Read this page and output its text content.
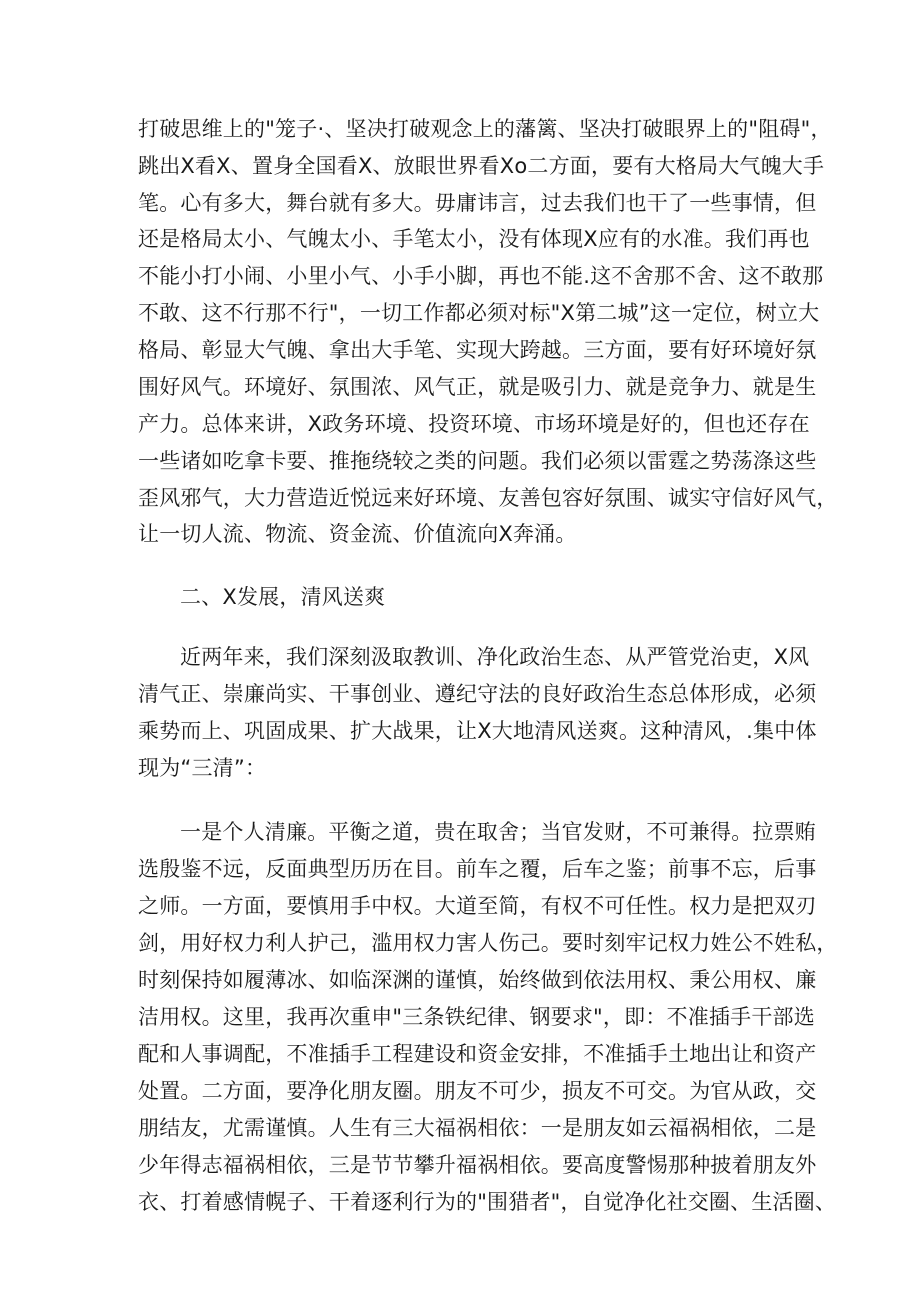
打破思维上的"笼子·、坚决打破观念上的藩篱、坚决打破眼界上的"阻碍"，
跳出X看X、置身全国看X、放眼世界看Xo二方面，要有大格局大气魄大手
笔。心有多大，舞台就有多大。毋庸讳言，过去我们也干了一些事情，但
还是格局太小、气魄太小、手笔太小，没有体现X应有的水准。我们再也
不能小打小闹、小里小气、小手小脚，再也不能.这不舍那不舍、这不敢那
不敢、这不行那不行"，一切工作都必须对标"X第二城”这一定位，树立大
格局、彰显大气魄、拿出大手笔、实现大跨越。三方面，要有好环境好氛
围好风气。环境好、氛围浓、风气正，就是吸引力、就是竞争力、就是生
产力。总体来讲，X政务环境、投资环境、市场环境是好的，但也还存在
一些诸如吃拿卡要、推拖绕较之类的问题。我们必须以雷霆之势荡涤这些
歪风邪气，大力营造近悦远来好环境、友善包容好氛围、诚实守信好风气，
让一切人流、物流、资金流、价值流向X奔涌。
二、X发展，清风送爽
近两年来，我们深刻汲取教训、净化政治生态、从严管党治吏，X风
清气正、崇廉尚实、干事创业、遵纪守法的良好政治生态总体形成，必须
乘势而上、巩固成果、扩大战果，让X大地清风送爽。这种清风，.集中体
现为“三清”：
一是个人清廉。平衡之道，贵在取舍；当官发财，不可兼得。拉票贿
选殷鉴不远，反面典型历历在目。前车之覆，后车之鉴；前事不忘，后事
之师。一方面，要慎用手中权。大道至简，有权不可任性。权力是把双刃
剑，用好权力利人护己，滥用权力害人伤己。要时刻牢记权力姓公不姓私，
时刻保持如履薄冰、如临深渊的谨慎，始终做到依法用权、秉公用权、廉
洁用权。这里，我再次重申"三条铁纪律、钢要求"，即：不准插手干部选
配和人事调配，不准插手工程建设和资金安排，不准插手土地出让和资产
处置。二方面，要净化朋友圈。朋友不可少，损友不可交。为官从政，交
朋结友，尤需谨慎。人生有三大福祸相依：一是朋友如云福祸相依，二是
少年得志福祸相依，三是节节攀升福祸相依。要高度警惕那种披着朋友外
衣、打着感情幌子、干着逐利行为的"围猎者"，自觉净化社交圈、生活圈、
